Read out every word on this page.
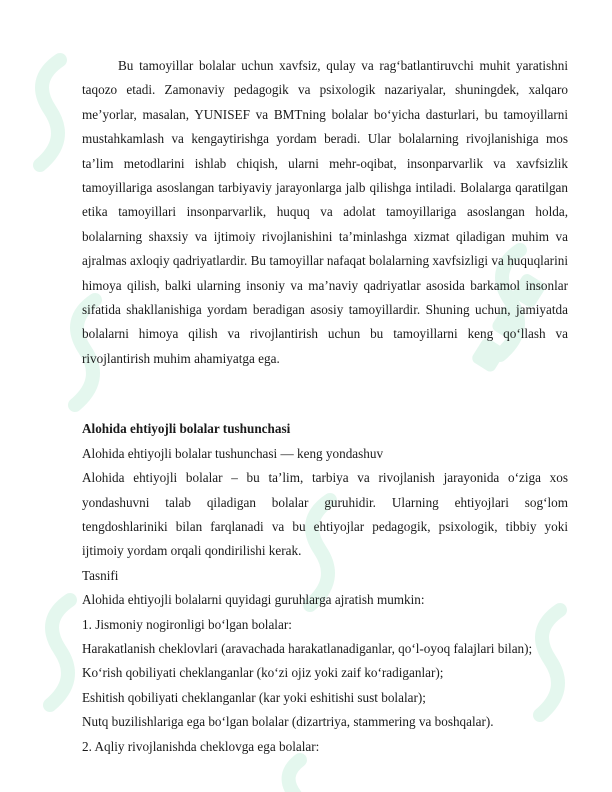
Bu tamoyillar bolalar uchun xavfsiz, qulay va rag‘batlantiruvchi muhit yaratishni taqozo etadi. Zamonaviy pedagogik va psixologik nazariyalar, shuningdek, xalqaro me’yorlar, masalan, YUNISEF va BMTning bolalar bo‘yicha dasturlari, bu tamoyillarni mustahkamlash va kengaytirishga yordam beradi. Ular bolalarning rivojlanishiga mos ta’lim metodlarini ishlab chiqish, ularni mehr-oqibat, insonparvarlik va xavfsizlik tamoyillariga asoslangan tarbiyaviy jarayonlarga jalb qilishga intiladi. Bolalarga qaratilgan etika tamoyillari insonparvarlik, huquq va adolat tamoyillariga asoslangan holda, bolalarning shaxsiy va ijtimoiy rivojlanishini ta’minlashga xizmat qiladigan muhim va ajralmas axloqiy qadriyatlardir. Bu tamoyillar nafaqat bolalarning xavfsizligi va huquqlarini himoya qilish, balki ularning insoniy va ma’naviy qadriyatlar asosida barkamol insonlar sifatida shakllanishiga yordam beradigan asosiy tamoyillardir. Shuning uchun, jamiyatda bolalarni himoya qilish va rivojlantirish uchun bu tamoyillarni keng qo‘llash va rivojlantirish muhim ahamiyatga ega.

Alohida ehtiyojli bolalar tushunchasi

Alohida ehtiyojli bolalar tushunchasi — keng yondashuv

Alohida ehtiyojli bolalar – bu ta’lim, tarbiya va rivojlanish jarayonida o‘ziga xos yondashuvni talab qiladigan bolalar guruhidir. Ularning ehtiyojlari sog‘lom tengdoshlariniki bilan farqlanadi va bu ehtiyojlar pedagogik, psixologik, tibbiy yoki ijtimoiy yordam orqali qondirilishi kerak.

Tasnifi

Alohida ehtiyojli bolalarni quyidagi guruhlarga ajratish mumkin:

1. Jismoniy nogironligi bo‘lgan bolalar:

Harakatlanish cheklovlari (aravachada harakatlanadiganlar, qo‘l-oyoq falajlari bilan);

Ko‘rish qobiliyati cheklanganlar (ko‘zi ojiz yoki zaif ko‘radiganlar);

Eshitish qobiliyati cheklanganlar (kar yoki eshitishi sust bolalar);

Nutq buzilishlariga ega bo‘lgan bolalar (dizartriya, stammering va boshqalar).

2. Aqliy rivojlanishda cheklovga ega bolalar:
